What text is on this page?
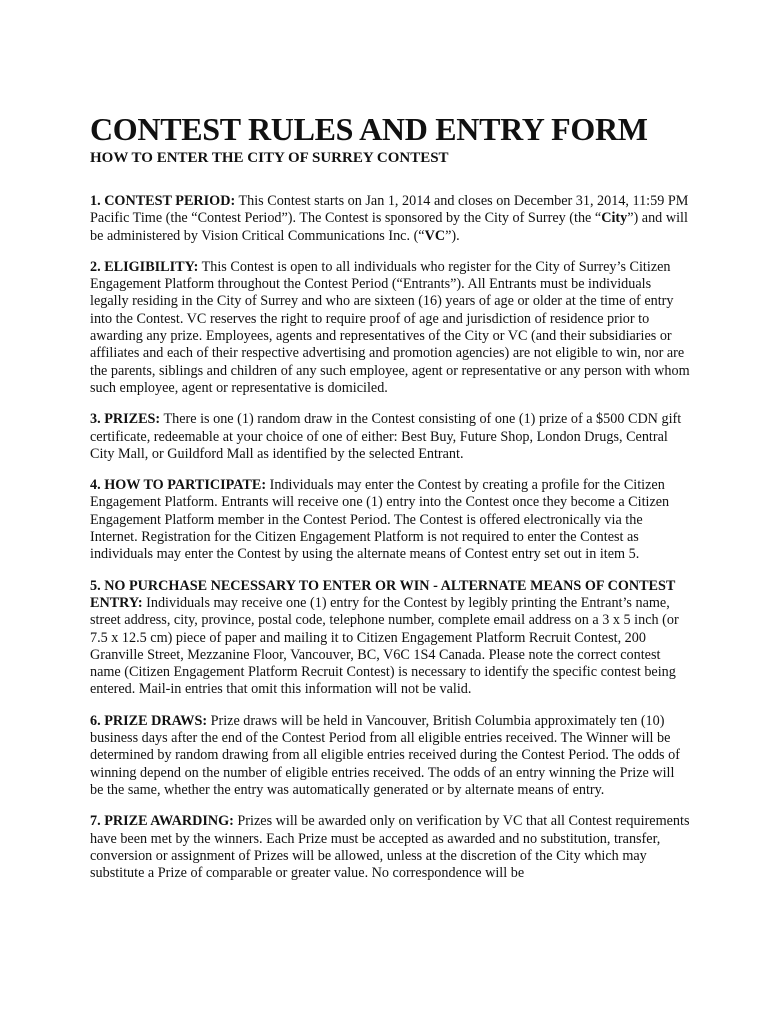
CONTEST RULES AND ENTRY FORM
HOW TO ENTER THE CITY OF SURREY CONTEST

1. CONTEST PERIOD: This Contest starts on Jan 1, 2014 and closes on December 31, 2014, 11:59 PM Pacific Time (the “Contest Period”). The Contest is sponsored by the City of Surrey (the “City”) and will be administered by Vision Critical Communications Inc. (“VC”).

2. ELIGIBILITY: This Contest is open to all individuals who register for the City of Surrey’s Citizen Engagement Platform throughout the Contest Period (“Entrants”). All Entrants must be individuals legally residing in the City of Surrey and who are sixteen (16) years of age or older at the time of entry into the Contest. VC reserves the right to require proof of age and jurisdiction of residence prior to awarding any prize. Employees, agents and representatives of the City or VC (and their subsidiaries or affiliates and each of their respective advertising and promotion agencies) are not eligible to win, nor are the parents, siblings and children of any such employee, agent or representative or any person with whom such employee, agent or representative is domiciled.

3. PRIZES: There is one (1) random draw in the Contest consisting of one (1) prize of a $500 CDN gift certificate, redeemable at your choice of one of either: Best Buy, Future Shop, London Drugs, Central City Mall, or Guildford Mall as identified by the selected Entrant.

4. HOW TO PARTICIPATE: Individuals may enter the Contest by creating a profile for the Citizen Engagement Platform. Entrants will receive one (1) entry into the Contest once they become a Citizen Engagement Platform member in the Contest Period. The Contest is offered electronically via the Internet. Registration for the Citizen Engagement Platform is not required to enter the Contest as individuals may enter the Contest by using the alternate means of Contest entry set out in item 5.

5. NO PURCHASE NECESSARY TO ENTER OR WIN - ALTERNATE MEANS OF CONTEST ENTRY: Individuals may receive one (1) entry for the Contest by legibly printing the Entrant’s name, street address, city, province, postal code, telephone number, complete email address on a 3 x 5 inch (or 7.5 x 12.5 cm) piece of paper and mailing it to Citizen Engagement Platform Recruit Contest, 200 Granville Street, Mezzanine Floor, Vancouver, BC, V6C 1S4 Canada. Please note the correct contest name (Citizen Engagement Platform Recruit Contest) is necessary to identify the specific contest being entered. Mail-in entries that omit this information will not be valid.

6. PRIZE DRAWS: Prize draws will be held in Vancouver, British Columbia approximately ten (10) business days after the end of the Contest Period from all eligible entries received. The Winner will be determined by random drawing from all eligible entries received during the Contest Period. The odds of winning depend on the number of eligible entries received. The odds of an entry winning the Prize will be the same, whether the entry was automatically generated or by alternate means of entry.

7. PRIZE AWARDING: Prizes will be awarded only on verification by VC that all Contest requirements have been met by the winners. Each Prize must be accepted as awarded and no substitution, transfer, conversion or assignment of Prizes will be allowed, unless at the discretion of the City which may substitute a Prize of comparable or greater value. No correspondence will be
